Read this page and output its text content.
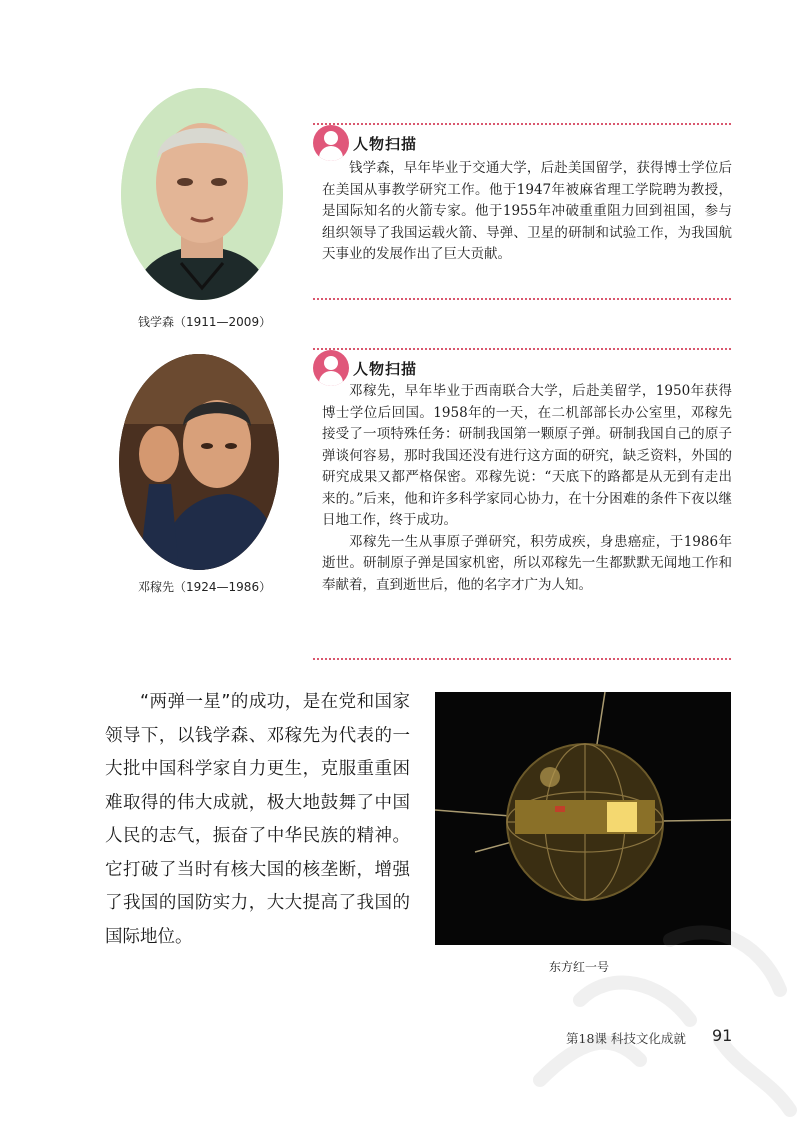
钱学森（1911—2009）
人物扫描

钱学森，早年毕业于交通大学，后赴美国留学，获得博士学位后在美国从事教学研究工作。他于1947年被麻省理工学院聘为教授，是国际知名的火箭专家。他于1955年冲破重重阻力回到祖国，参与组织领导了我国运载火箭、导弹、卫星的研制和试验工作，为我国航天事业的发展作出了巨大贡献。

邓稼先（1924—1986）
人物扫描

邓稼先，早年毕业于西南联合大学，后赴美留学，1950年获得博士学位后回国。1958年的一天，在二机部部长办公室里，邓稼先接受了一项特殊任务：研制我国第一颗原子弹。研制我国自己的原子弹谈何容易，那时我国还没有进行这方面的研究，缺乏资料，外国的研究成果又都严格保密。邓稼先说：“天底下的路都是从无到有走出来的。”后来，他和许多科学家同心协力，在十分困难的条件下夜以继日地工作，终于成功。

邓稼先一生从事原子弹研究，积劳成疾，身患癌症，于1986年逝世。研制原子弹是国家机密，所以邓稼先一生都默默无闻地工作和奉献着，直到逝世后，他的名字才广为人知。

“两弹一星”的成功，是在党和国家领导下，以钱学森、邓稼先为代表的一大批中国科学家自力更生，克服重重困难取得的伟大成就，极大地鼓舞了中国人民的志气，振奋了中华民族的精神。它打破了当时有核大国的核垄断，增强了我国的国防实力，大大提高了我国的国际地位。

东方红一号
第18课 科技文化成就 91
